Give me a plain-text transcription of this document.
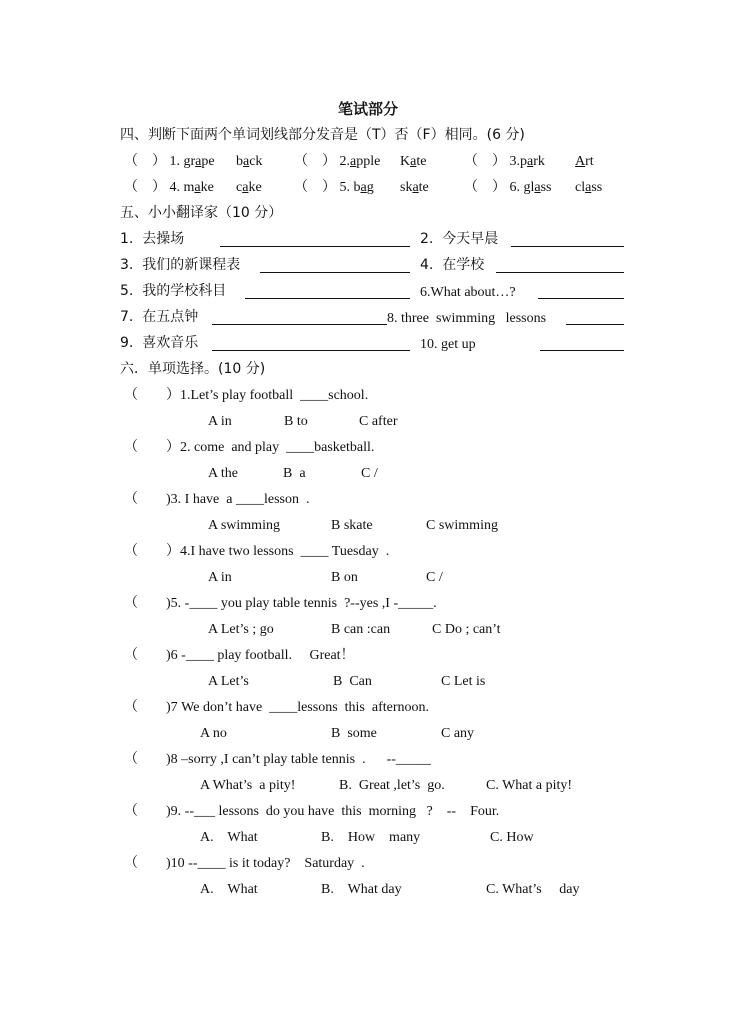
笔试部分
四、判断下面两个单词划线部分发音是（T）否（F）相同。(6 分)
（　） 1. grape back （　） 2.apple Kate	（　） 3.park Art
（　） 4. make cake （　） 5. bag skate	（　） 6. glass class
五、小小翻译家（10 分）
1.  去操场	2.  今天早晨
3.  我们的新课程表	4.  在学校
5.  我的学校科目	6.What about…?
7.  在五点钟	8. three  swimming   lessons
9.  喜欢音乐	10. get up
六．单项选择。(10 分)
（　　）1.Let’s play football  ____school.
A in	B to	C after
（　　）2. come  and play  ____basketball.
A the	B  a	C /
（　　)3. I have  a ____lesson  .
A swimming	B skate	C swimming
（　　）4.I have two lessons  ____ Tuesday  .
A in	B on	C /
（　　)5. -____ you play table tennis  ?--yes ,I -_____.
A Let’s ; go	B can :can	C Do ; can’t
（　　)6 -____ play football.     Great！
A Let’s	B  Can	C Let is
（　　)7 We don’t have  ____lessons  this  afternoon.
A no	B  some	C any
（　　)8 –sorry ,I can’t play table tennis  .      --_____
A What’s  a pity!	B.  Great ,let’s  go.	C. What a pity!
（　　)9. --___ lessons  do you have  this  morning   ?    --    Four.
A.    What	B.    How    many	C. How
（　　)10 --____ is it today?    Saturday  .
A.    What	B.    What day	C. What’s     day
